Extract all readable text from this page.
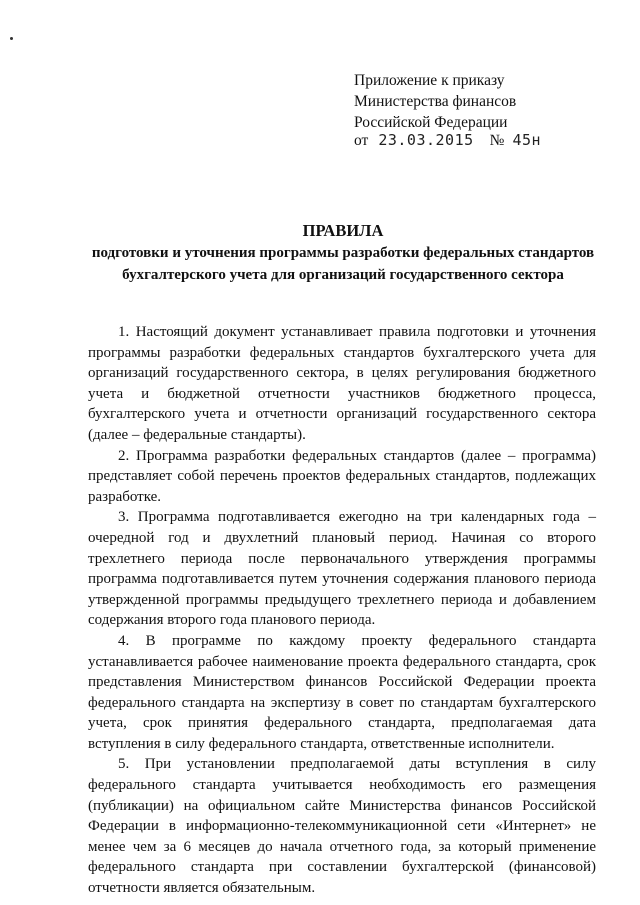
Приложение к приказу
Министерства финансов
Российской Федерации
от 23.03.2015 № 45н
ПРАВИЛА
подготовки и уточнения программы разработки федеральных стандартов бухгалтерского учета для организаций государственного сектора

1. Настоящий документ устанавливает правила подготовки и уточнения программы разработки федеральных стандартов бухгалтерского учета для организаций государственного сектора, в целях регулирования бюджетного учета и бюджетной отчетности участников бюджетного процесса, бухгалтерского учета и отчетности организаций государственного сектора (далее – федеральные стандарты).

2. Программа разработки федеральных стандартов (далее – программа) представляет собой перечень проектов федеральных стандартов, подлежащих разработке.

3. Программа подготавливается ежегодно на три календарных года – очередной год и двухлетний плановый период. Начиная со второго трехлетнего периода после первоначального утверждения программы программа подготавливается путем уточнения содержания планового периода утвержденной программы предыдущего трехлетнего периода и добавлением содержания второго года планового периода.

4. В программе по каждому проекту федерального стандарта устанавливается рабочее наименование проекта федерального стандарта, срок представления Министерством финансов Российской Федерации проекта федерального стандарта на экспертизу в совет по стандартам бухгалтерского учета, срок принятия федерального стандарта, предполагаемая дата вступления в силу федерального стандарта, ответственные исполнители.

5. При установлении предполагаемой даты вступления в силу федерального стандарта учитывается необходимость его размещения (публикации) на официальном сайте Министерства финансов Российской Федерации в информационно-телекоммуникационной сети «Интернет» не менее чем за 6 месяцев до начала отчетного года, за который применение федерального стандарта при составлении бухгалтерской (финансовой) отчетности является обязательным.
